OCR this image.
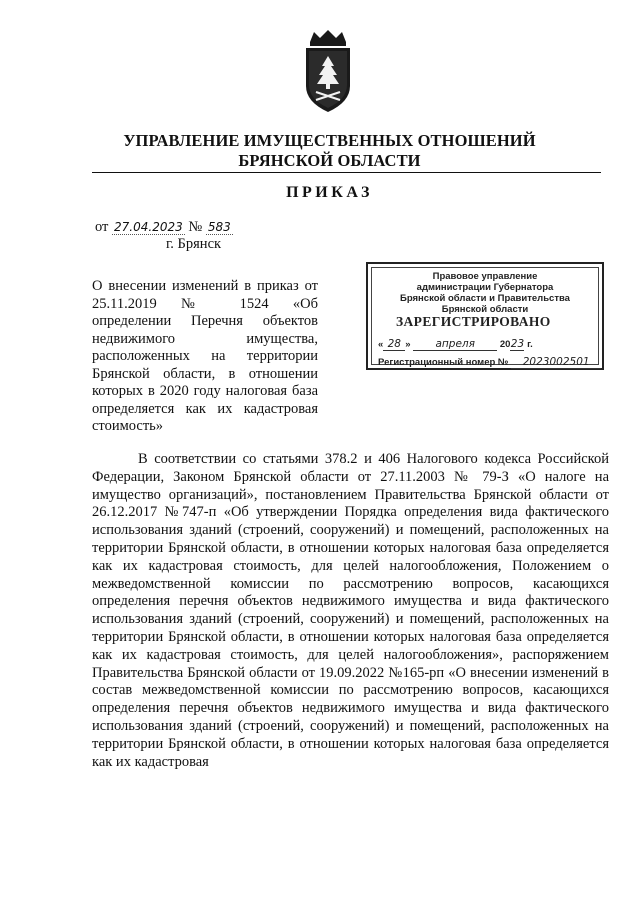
УПРАВЛЕНИЕ ИМУЩЕСТВЕННЫХ ОТНОШЕНИЙ
БРЯНСКОЙ ОБЛАСТИ
ПРИКАЗ
от 27.04.2023 № 583
г. Брянск
О внесении изменений в приказ от 25.11.2019 № 1524 «Об определении Перечня объектов недвижимого имущества, расположенных на территории Брянской области, в отношении которых в 2020 году налоговая база определяется как их кадастровая стоимость»
Правовое управление
администрации Губернатора
Брянской области и Правительства
Брянской области
ЗАРЕГИСТРИРОВАНО
« 28 » апреля	2023 г.
Регистрационный номер № 2023002501
В соответствии со статьями 378.2 и 406 Налогового кодекса Российской Федерации, Законом Брянской области от 27.11.2003 № 79-З «О налоге на имущество организаций», постановлением Правительства Брянской области от 26.12.2017 №747-п «Об утверждении Порядка определения вида фактического использования зданий (строений, сооружений) и помещений, расположенных на территории Брянской области, в отношении которых налоговая база определяется как их кадастровая стоимость, для целей налогообложения, Положением о межведомственной комиссии по рассмотрению вопросов, касающихся определения перечня объектов недвижимого имущества и вида фактического использования зданий (строений, сооружений) и помещений, расположенных на территории Брянской области, в отношении которых налоговая база определяется как их кадастровая стоимость, для целей налогообложения», распоряжением Правительства Брянской области от 19.09.2022 №165-рп «О внесении изменений в состав межведомственной комиссии по рассмотрению вопросов, касающихся определения перечня объектов недвижимого имущества и вида фактического использования зданий (строений, сооружений) и помещений, расположенных на территории Брянской области, в отношении которых налоговая база определяется как их кадастровая
